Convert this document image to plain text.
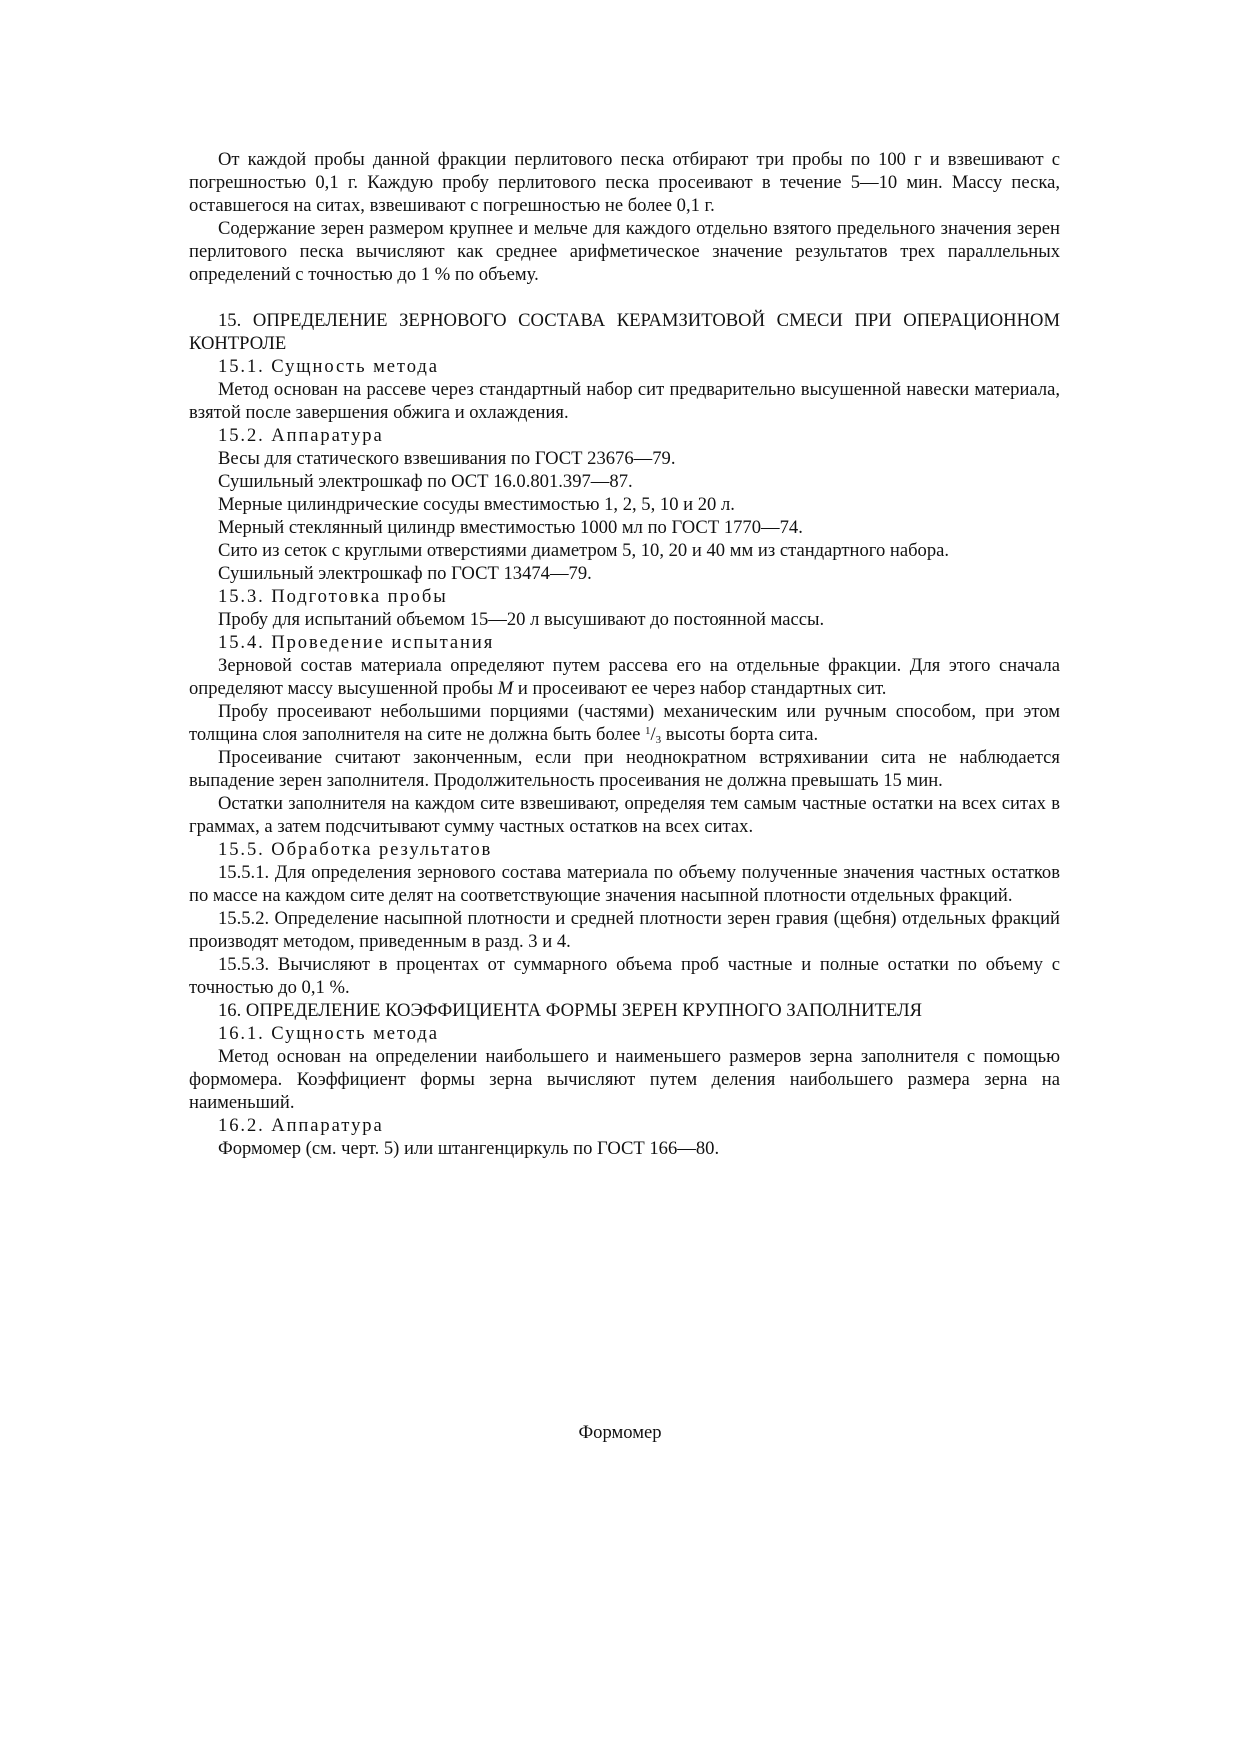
От каждой пробы данной фракции перлитового песка отбирают три пробы по 100 г и взвешивают с погрешностью 0,1 г. Каждую пробу перлитового песка просеивают в течение 5—10 мин. Массу песка, оставшегося на ситах, взвешивают с погрешностью не более 0,1 г.

Содержание зерен размером крупнее и мельче для каждого отдельно взятого предельного значения зерен перлитового песка вычисляют как среднее арифметическое значение результатов трех параллельных определений с точностью до 1 % по объему.

15. ОПРЕДЕЛЕНИЕ ЗЕРНОВОГО СОСТАВА КЕРАМЗИТОВОЙ СМЕСИ ПРИ ОПЕРАЦИОННОМ КОНТРОЛЕ

15.1. Сущность метода

Метод основан на рассеве через стандартный набор сит предварительно высушенной навески материала, взятой после завершения обжига и охлаждения.

15.2. Аппаратура

Весы для статического взвешивания по ГОСТ 23676—79.

Сушильный электрошкаф по ОСТ 16.0.801.397—87.

Мерные цилиндрические сосуды вместимостью 1, 2, 5, 10 и 20 л.

Мерный стеклянный цилиндр вместимостью 1000 мл по ГОСТ 1770—74.

Сито из сеток с круглыми отверстиями диаметром 5, 10, 20 и 40 мм из стандартного набора.

Сушильный электрошкаф по ГОСТ 13474—79.

15.3. Подготовка пробы

Пробу для испытаний объемом 15—20 л высушивают до постоянной массы.

15.4. Проведение испытания

Зерновой состав материала определяют путем рассева его на отдельные фракции. Для этого сначала определяют массу высушенной пробы М и просеивают ее через набор стандартных сит.

Пробу просеивают небольшими порциями (частями) механическим или ручным способом, при этом толщина слоя заполнителя на сите не должна быть более $^1/_3$ высоты борта сита.

Просеивание считают законченным, если при неоднократном встряхивании сита не наблюдается выпадение зерен заполнителя. Продолжительность просеивания не должна превышать 15 мин.

Остатки заполнителя на каждом сите взвешивают, определяя тем самым частные остатки на всех ситах в граммах, а затем подсчитывают сумму частных остатков на всех ситах.

15.5. Обработка результатов

15.5.1. Для определения зернового состава материала по объему полученные значения частных остатков по массе на каждом сите делят на соответствующие значения насыпной плотности отдельных фракций.

15.5.2. Определение насыпной плотности и средней плотности зерен гравия (щебня) отдельных фракций производят методом, приведенным в разд. 3 и 4.

15.5.3. Вычисляют в процентах от суммарного объема проб частные и полные остатки по объему с точностью до 0,1 %.

16. ОПРЕДЕЛЕНИЕ КОЭФФИЦИЕНТА ФОРМЫ ЗЕРЕН КРУПНОГО ЗАПОЛНИТЕЛЯ

16.1. Сущность метода

Метод основан на определении наибольшего и наименьшего размеров зерна заполнителя с помощью формомера. Коэффициент формы зерна вычисляют путем деления наибольшего размера зерна на наименьший.

16.2. Аппаратура

Формомер (см. черт. 5) или штангенциркуль по ГОСТ 166—80.

Формомер
